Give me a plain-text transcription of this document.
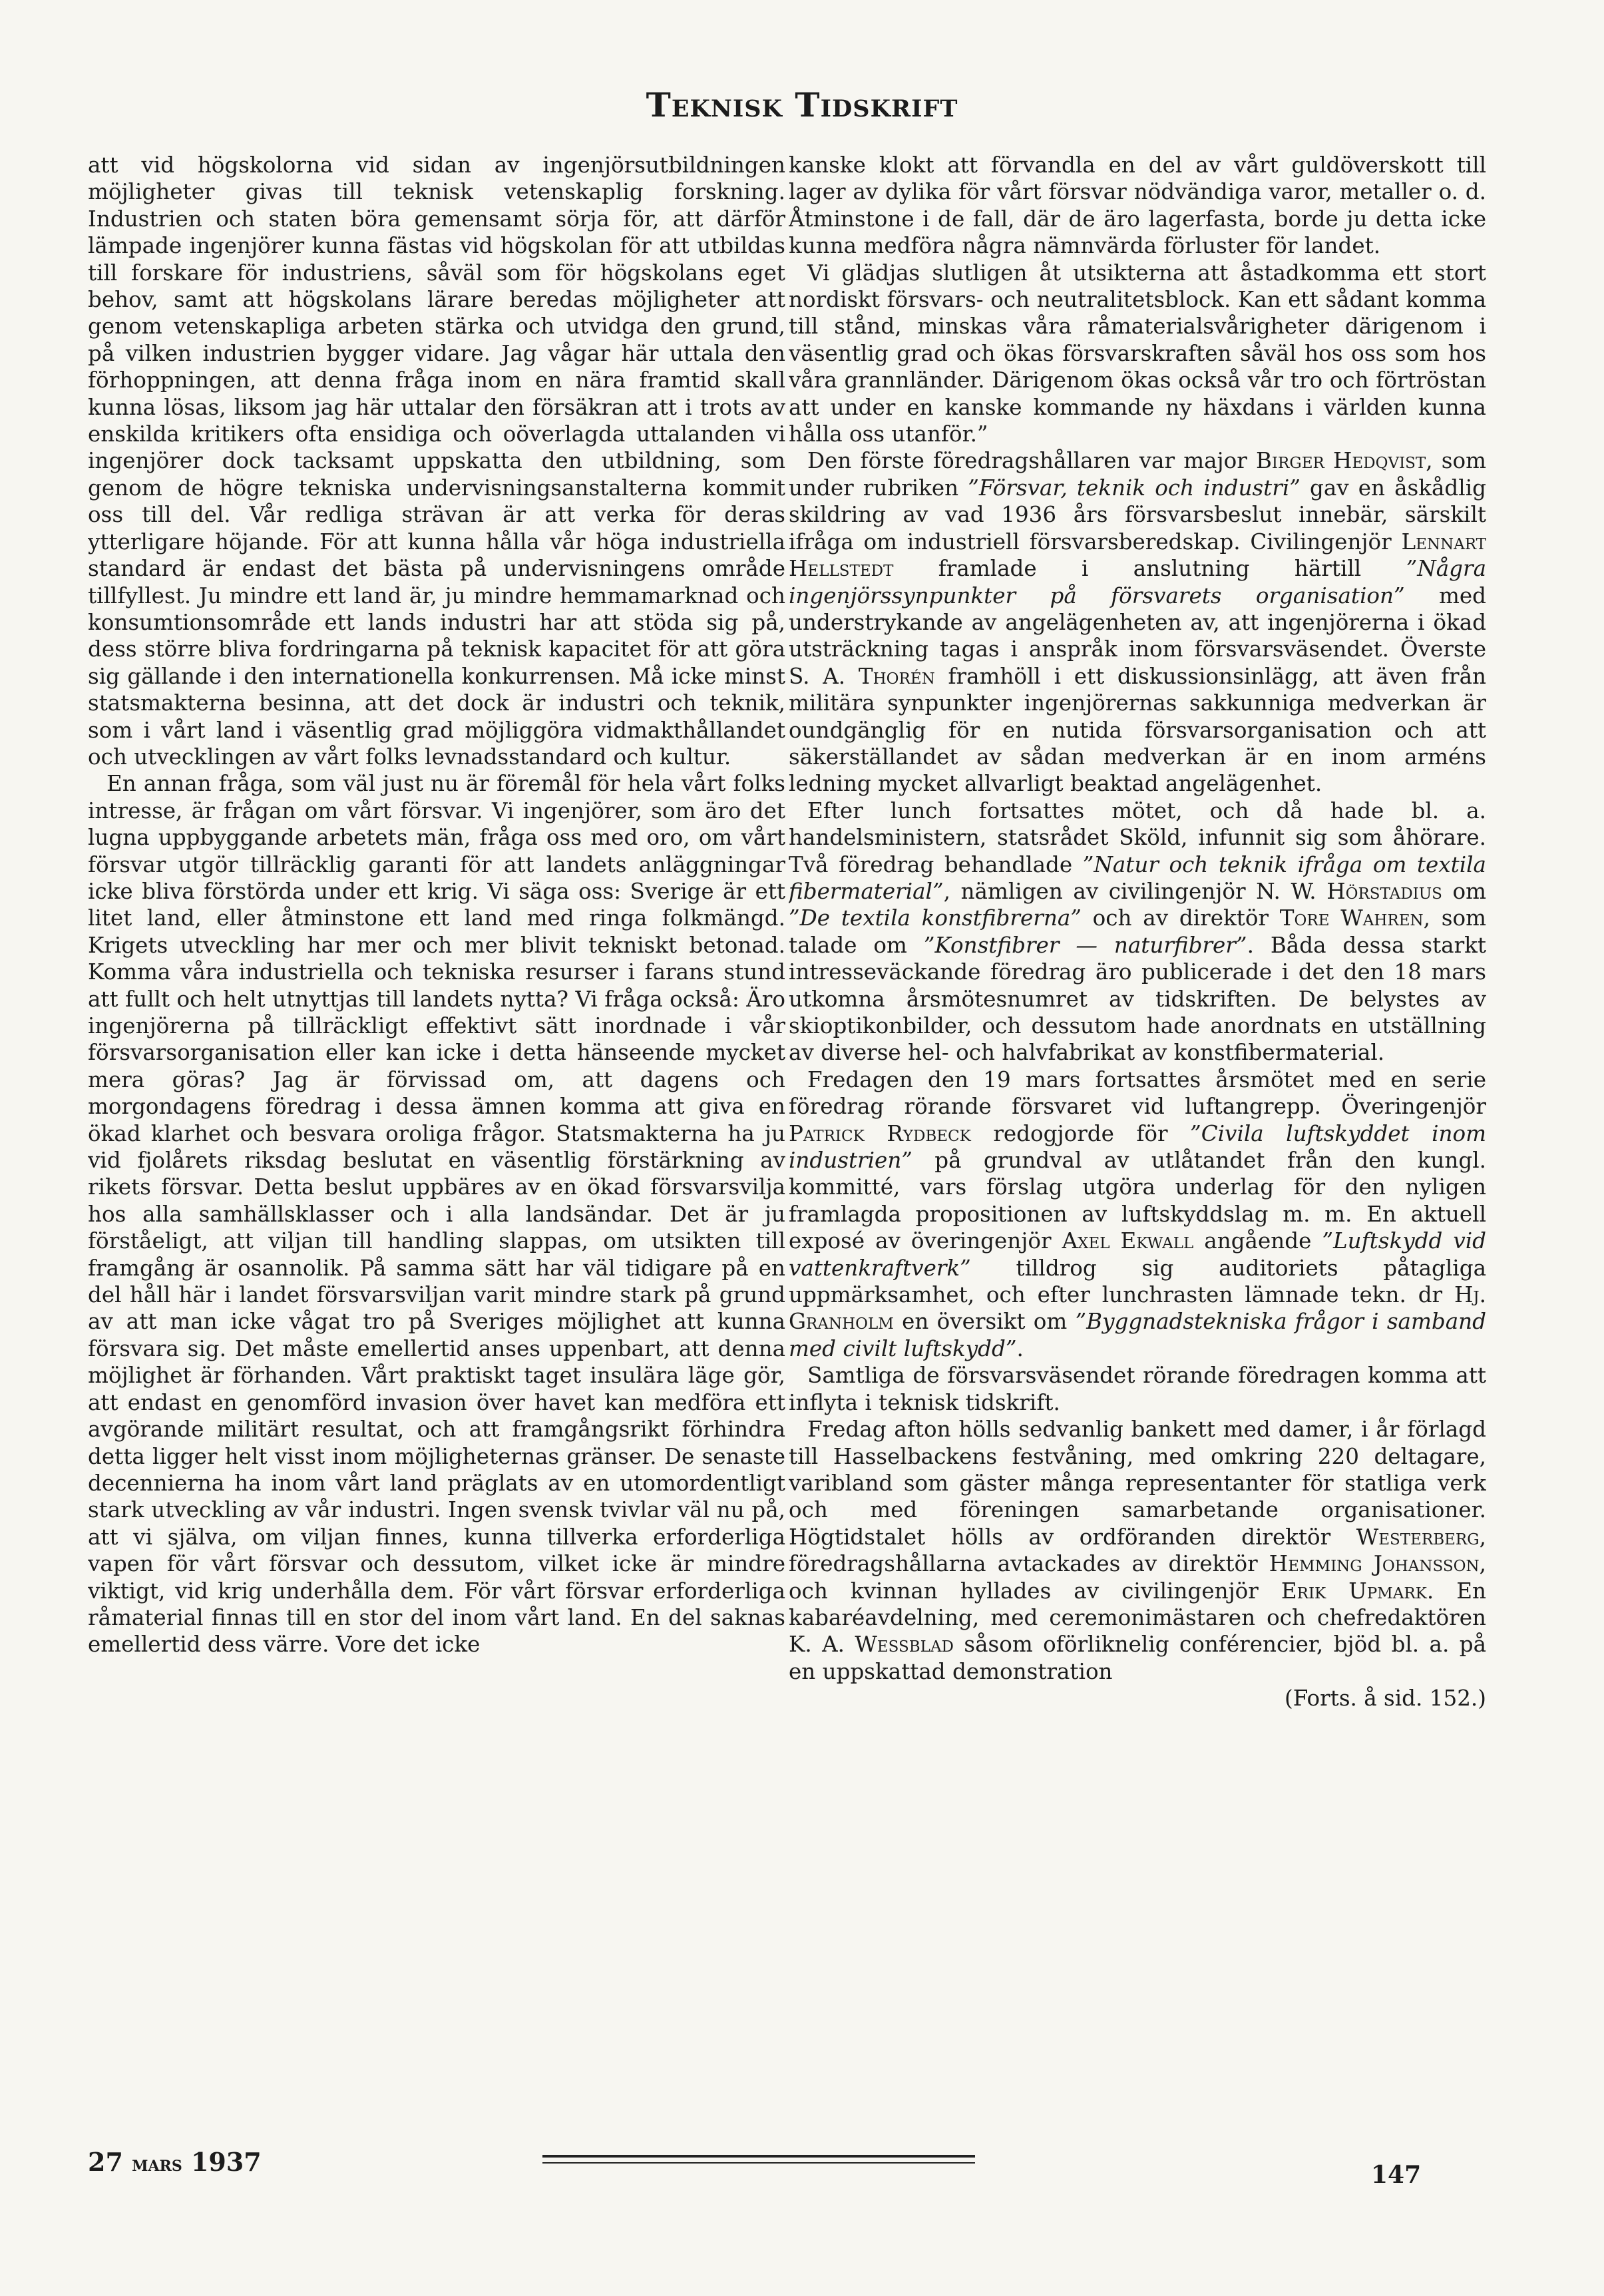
Teknisk Tidskrift

att vid högskolorna vid sidan av ingenjörsutbildningen möjligheter givas till teknisk vetenskaplig forskning. Industrien och staten böra gemensamt sörja för, att därför lämpade ingenjörer kunna fästas vid högskolan för att utbildas till forskare för industriens, såväl som för högskolans eget behov, samt att högskolans lärare beredas möjligheter att genom vetenskapliga arbeten stärka och utvidga den grund, på vilken industrien bygger vidare. Jag vågar här uttala den förhoppningen, att denna fråga inom en nära framtid skall kunna lösas, liksom jag här uttalar den försäkran att i trots av enskilda kritikers ofta ensidiga och oöverlagda uttalanden vi ingenjörer dock tacksamt uppskatta den utbildning, som genom de högre tekniska undervisningsanstalterna kommit oss till del. Vår redliga strävan är att verka för deras ytterligare höjande. För att kunna hålla vår höga industriella standard är endast det bästa på undervisningens område tillfyllest. Ju mindre ett land är, ju mindre hemmamarknad och konsumtionsområde ett lands industri har att stöda sig på, dess större bliva fordringarna på teknisk kapacitet för att göra sig gällande i den internationella konkurrensen. Må icke minst statsmakterna besinna, att det dock är industri och teknik, som i vårt land i väsentlig grad möjliggöra vidmakthållandet och utvecklingen av vårt folks levnadsstandard och kultur.

En annan fråga, som väl just nu är föremål för hela vårt folks intresse, är frågan om vårt försvar. Vi ingenjörer, som äro det lugna uppbyggande arbetets män, fråga oss med oro, om vårt försvar utgör tillräcklig garanti för att landets anläggningar icke bliva förstörda under ett krig. Vi säga oss: Sverige är ett litet land, eller åtminstone ett land med ringa folkmängd. Krigets utveckling har mer och mer blivit tekniskt betonad. Komma våra industriella och tekniska resurser i farans stund att fullt och helt utnyttjas till landets nytta? Vi fråga också: Äro ingenjörerna på tillräckligt effektivt sätt inordnade i vår försvarsorganisation eller kan icke i detta hänseende mycket mera göras? Jag är förvissad om, att dagens och morgondagens föredrag i dessa ämnen komma att giva en ökad klarhet och besvara oroliga frågor. Statsmakterna ha ju vid fjolårets riksdag beslutat en väsentlig förstärkning av rikets försvar. Detta beslut uppbäres av en ökad försvarsvilja hos alla samhällsklasser och i alla landsändar. Det är ju förståeligt, att viljan till handling slappas, om utsikten till framgång är osannolik. På samma sätt har väl tidigare på en del håll här i landet försvarsviljan varit mindre stark på grund av att man icke vågat tro på Sveriges möjlighet att kunna försvara sig. Det måste emellertid anses uppenbart, att denna möjlighet är förhanden. Vårt praktiskt taget insulära läge gör, att endast en genomförd invasion över havet kan medföra ett avgörande militärt resultat, och att framgångsrikt förhindra detta ligger helt visst inom möjligheternas gränser. De senaste decennierna ha inom vårt land präglats av en utomordentligt stark utveckling av vår industri. Ingen svensk tvivlar väl nu på, att vi själva, om viljan finnes, kunna tillverka erforderliga vapen för vårt försvar och dessutom, vilket icke är mindre viktigt, vid krig underhålla dem. För vårt försvar erforderliga råmaterial finnas till en stor del inom vårt land. En del saknas emellertid dess värre. Vore det icke

kanske klokt att förvandla en del av vårt guldöverskott till lager av dylika för vårt försvar nödvändiga varor, metaller o. d. Åtminstone i de fall, där de äro lagerfasta, borde ju detta icke kunna medföra några nämnvärda förluster för landet.

Vi glädjas slutligen åt utsikterna att åstadkomma ett stort nordiskt försvars- och neutralitetsblock. Kan ett sådant komma till stånd, minskas våra råmaterialsvårigheter därigenom i väsentlig grad och ökas försvarskraften såväl hos oss som hos våra grannländer. Därigenom ökas också vår tro och förtröstan att under en kanske kommande ny häxdans i världen kunna hålla oss utanför.”

Den förste föredragshållaren var major Birger Hedqvist, som under rubriken ”Försvar, teknik och industri” gav en åskådlig skildring av vad 1936 års försvarsbeslut innebär, särskilt ifråga om industriell försvarsberedskap. Civilingenjör Lennart Hellstedt framlade i anslutning härtill ”Några ingenjörssynpunkter på försvarets organisation” med understrykande av angelägenheten av, att ingenjörerna i ökad utsträckning tagas i anspråk inom försvarsväsendet. Överste S. A. Thorén framhöll i ett diskussionsinlägg, att även från militära synpunkter ingenjörernas sakkunniga medverkan är oundgänglig för en nutida försvarsorganisation och att säkerställandet av sådan medverkan är en inom arméns ledning mycket allvarligt beaktad angelägenhet.

Efter lunch fortsattes mötet, och då hade bl. a. handelsministern, statsrådet Sköld, infunnit sig som åhörare. Två föredrag behandlade ”Natur och teknik ifråga om textila fibermaterial”, nämligen av civilingenjör N. W. Hörstadius om ”De textila konstfibrerna” och av direktör Tore Wahren, som talade om ”Konstfibrer — naturfibrer”. Båda dessa starkt intresseväckande föredrag äro publicerade i det den 18 mars utkomna årsmötesnumret av tidskriften. De belystes av skioptikonbilder, och dessutom hade anordnats en utställning av diverse hel- och halvfabrikat av konstfibermaterial.

Fredagen den 19 mars fortsattes årsmötet med en serie föredrag rörande försvaret vid luftangrepp. Överingenjör Patrick Rydbeck redogjorde för ”Civila luftskyddet inom industrien” på grundval av utlåtandet från den kungl. kommitté, vars förslag utgöra underlag för den nyligen framlagda propositionen av luftskyddslag m. m. En aktuell exposé av överingenjör Axel Ekwall angående ”Luftskydd vid vattenkraftverk” tilldrog sig auditoriets påtagliga uppmärksamhet, och efter lunchrasten lämnade tekn. dr Hj. Granholm en översikt om ”Byggnadstekniska frågor i samband med civilt luftskydd”.

Samtliga de försvarsväsendet rörande föredragen komma att inflyta i teknisk tidskrift.

Fredag afton hölls sedvanlig bankett med damer, i år förlagd till Hasselbackens festvåning, med omkring 220 deltagare, varibland som gäster många representanter för statliga verk och med föreningen samarbetande organisationer. Högtidstalet hölls av ordföranden direktör Westerberg, föredragshållarna avtackades av direktör Hemming Johansson, och kvinnan hyllades av civilingenjör Erik Upmark. En kabaréavdelning, med ceremonimästaren och chefredaktören K. A. Wessblad såsom oförliknelig conférencier, bjöd bl. a. på en uppskattad demonstration

(Forts. å sid. 152.)

27 mars 1937	147
